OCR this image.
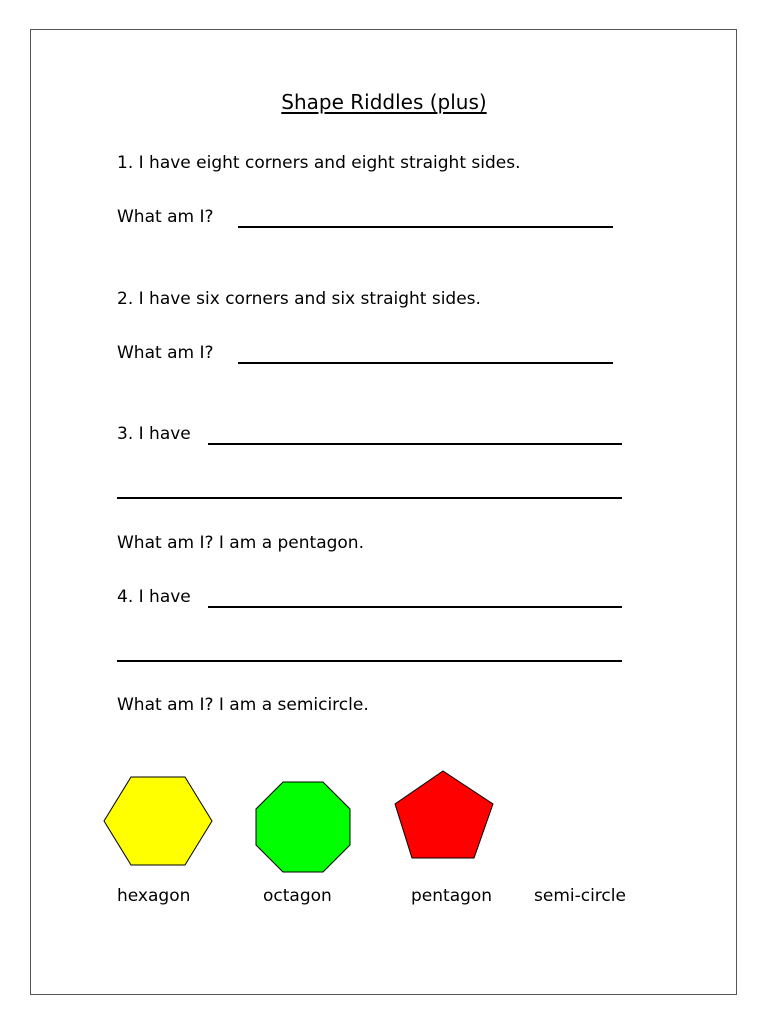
Shape Riddles (plus)
1. I have eight corners and eight straight sides.
What am I?
2. I have six corners and six straight sides.
What am I?
3. I have
What am I? I am a pentagon.
4. I have
What am I? I am a semicircle.
hexagon	octagon	pentagon semi-circle
